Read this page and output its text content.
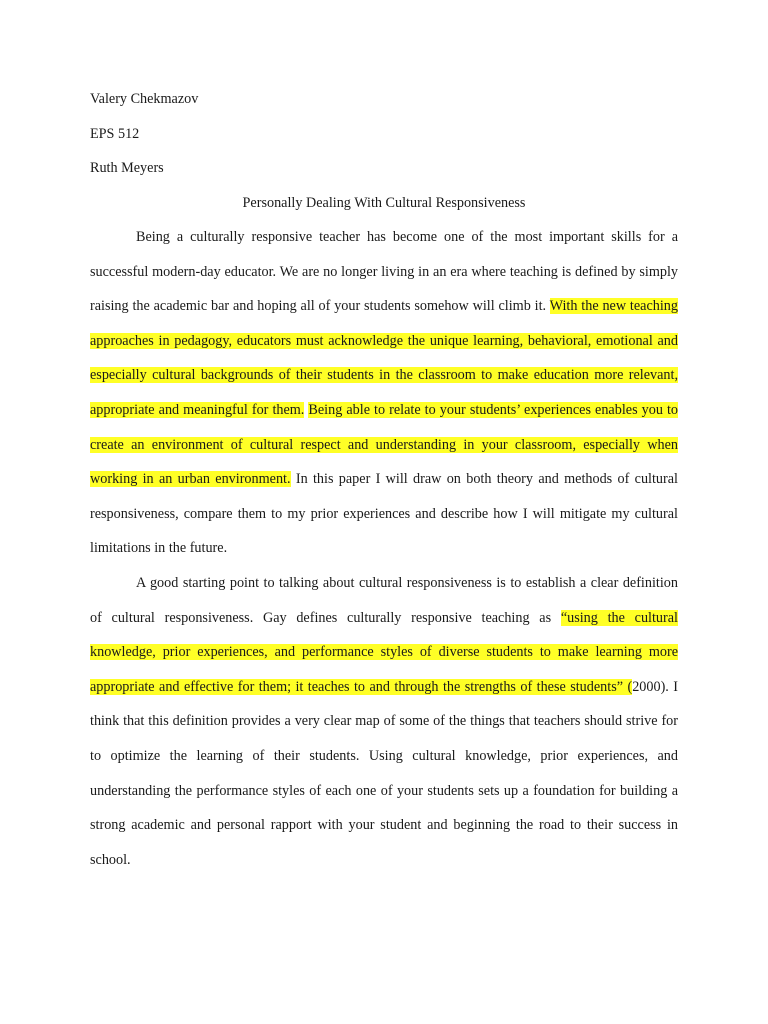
Valery Chekmazov

EPS 512

Ruth Meyers

Personally Dealing With Cultural Responsiveness

Being a culturally responsive teacher has become one of the most important skills for a successful modern-day educator. We are no longer living in an era where teaching is defined by simply raising the academic bar and hoping all of your students somehow will climb it. With the new teaching approaches in pedagogy, educators must acknowledge the unique learning, behavioral, emotional and especially cultural backgrounds of their students in the classroom to make education more relevant, appropriate and meaningful for them. Being able to relate to your students’ experiences enables you to create an environment of cultural respect and understanding in your classroom, especially when working in an urban environment. In this paper I will draw on both theory and methods of cultural responsiveness, compare them to my prior experiences and describe how I will mitigate my cultural limitations in the future.

A good starting point to talking about cultural responsiveness is to establish a clear definition of cultural responsiveness. Gay defines culturally responsive teaching as “using the cultural knowledge, prior experiences, and performance styles of diverse students to make learning more appropriate and effective for them; it teaches to and through the strengths of these students” (2000). I think that this definition provides a very clear map of some of the things that teachers should strive for to optimize the learning of their students. Using cultural knowledge, prior experiences, and understanding the performance styles of each one of your students sets up a foundation for building a strong academic and personal rapport with your student and beginning the road to their success in school.
